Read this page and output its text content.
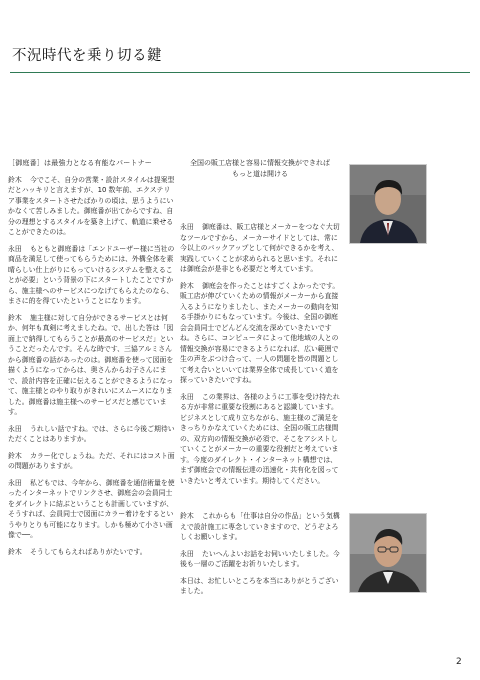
不況時代を乗り切る鍵
［御庭番］は最強力となる有能なパートナー
鈴木 今でこそ、自分の営業・設計スタイルは提案型だとハッキリと言えますが、10 数年前、エクステリア事業をスタートさせたばかりの頃は、思うようにいかなくて苦しみました。御庭番が出てからですね、自分の理想とするスタイルを築き上げて、軌道に乗せることができたのは。
永田 もともと御庭番は「エンドユーザー様に当社の商品を満足して使ってもらうためには、外構全体を素晴らしい仕上がりにもっていけるシステムを整えることが必要」という背景の下にスタートしたことですから、施主様へのサービスにつなげてもらえたのなら、まさに的を得ていたということになります。
鈴木 施主様に対して自分ができるサービスとは何か、何年も真剣に考えましたね。で、出した答は「図面上で納得してもらうことが最高のサービスだ」ということだったんです。そんな時です、三協アルミさんから御庭番の話があったのは。御庭番を使って図面を描くようになってからは、奥さんからお子さんにまで、設計内容を正確に伝えることができるようになって、施主様とのやり取りがきれいにスムースになりました。御庭番は施主様へのサービスだと感じています。
永田 うれしい話ですね。では、さらに今後ご期待いただくことはありますか。
鈴木 カラー化でしょうね。ただ、それにはコスト面の問題がありますが。
永田 私どもでは、今年から、御庭番を通信術量を使ったインターネットでリンクさせ、御庭会の会員同士をダイレクトに結ぶということも計画していますが、そうすれば、会員同士で図面にカラー着けをするというやりとりも可能になります。しかも極めて小さい画像で──。
鈴木 そうしてもらえればありがたいです。
全国の販工店様と容易に情報交換ができれば
もっと道は開ける
永田 御庭番は、販工店様とメーカーをつなぐ大切なツールですから、メーカーサイドとしては、常に今以上のバックアップとして何ができるかを考え、実践していくことが求められると思います。それには御庭会が是非とも必要だと考えています。
鈴木 御庭会を作ったことはすごくよかったです。販工店が伸びていくための情報がメーカーから直接入るようになりましたし、またメーカーの動向を知る手掛かりにもなっています。今後は、全国の御庭会会員同士でどんどん交流を深めていきたいですね。さらに、コンピュータによって他地域の人との情報交換が容易にできるようになれば、広い範囲で生の声をぶつけ合って、一人の問題を皆の問題として考え合いといいては業界全体で成長していく道を探っていきたいですね。
永田 この業界は、各様のように工事を受け持たれる方が非常に重要な役割にあると認識しています。ビジネスとして成り立ちながら、施主様のご満足をきっちりかなえていくためには、全国の販工店様間の、双方向の情報交換が必須で、そこをアシストしていくことがメーカーの重要な役割だと考えています。今度のダイレクト・インターネット構想では、まず御庭会での情報伝達の迅速化・共有化を図っていきたいと考えています。期待してください。
鈴木 これからも「仕事は自分の作品」という気構えで設計施工に専念していきますので、どうぞよろしくお願いします。
永田 たいへんよいお話をお伺いいたしました。今後も一層のご活躍をお祈りいたします。
本日は、お忙しいところを本当にありがとうございました。
2
